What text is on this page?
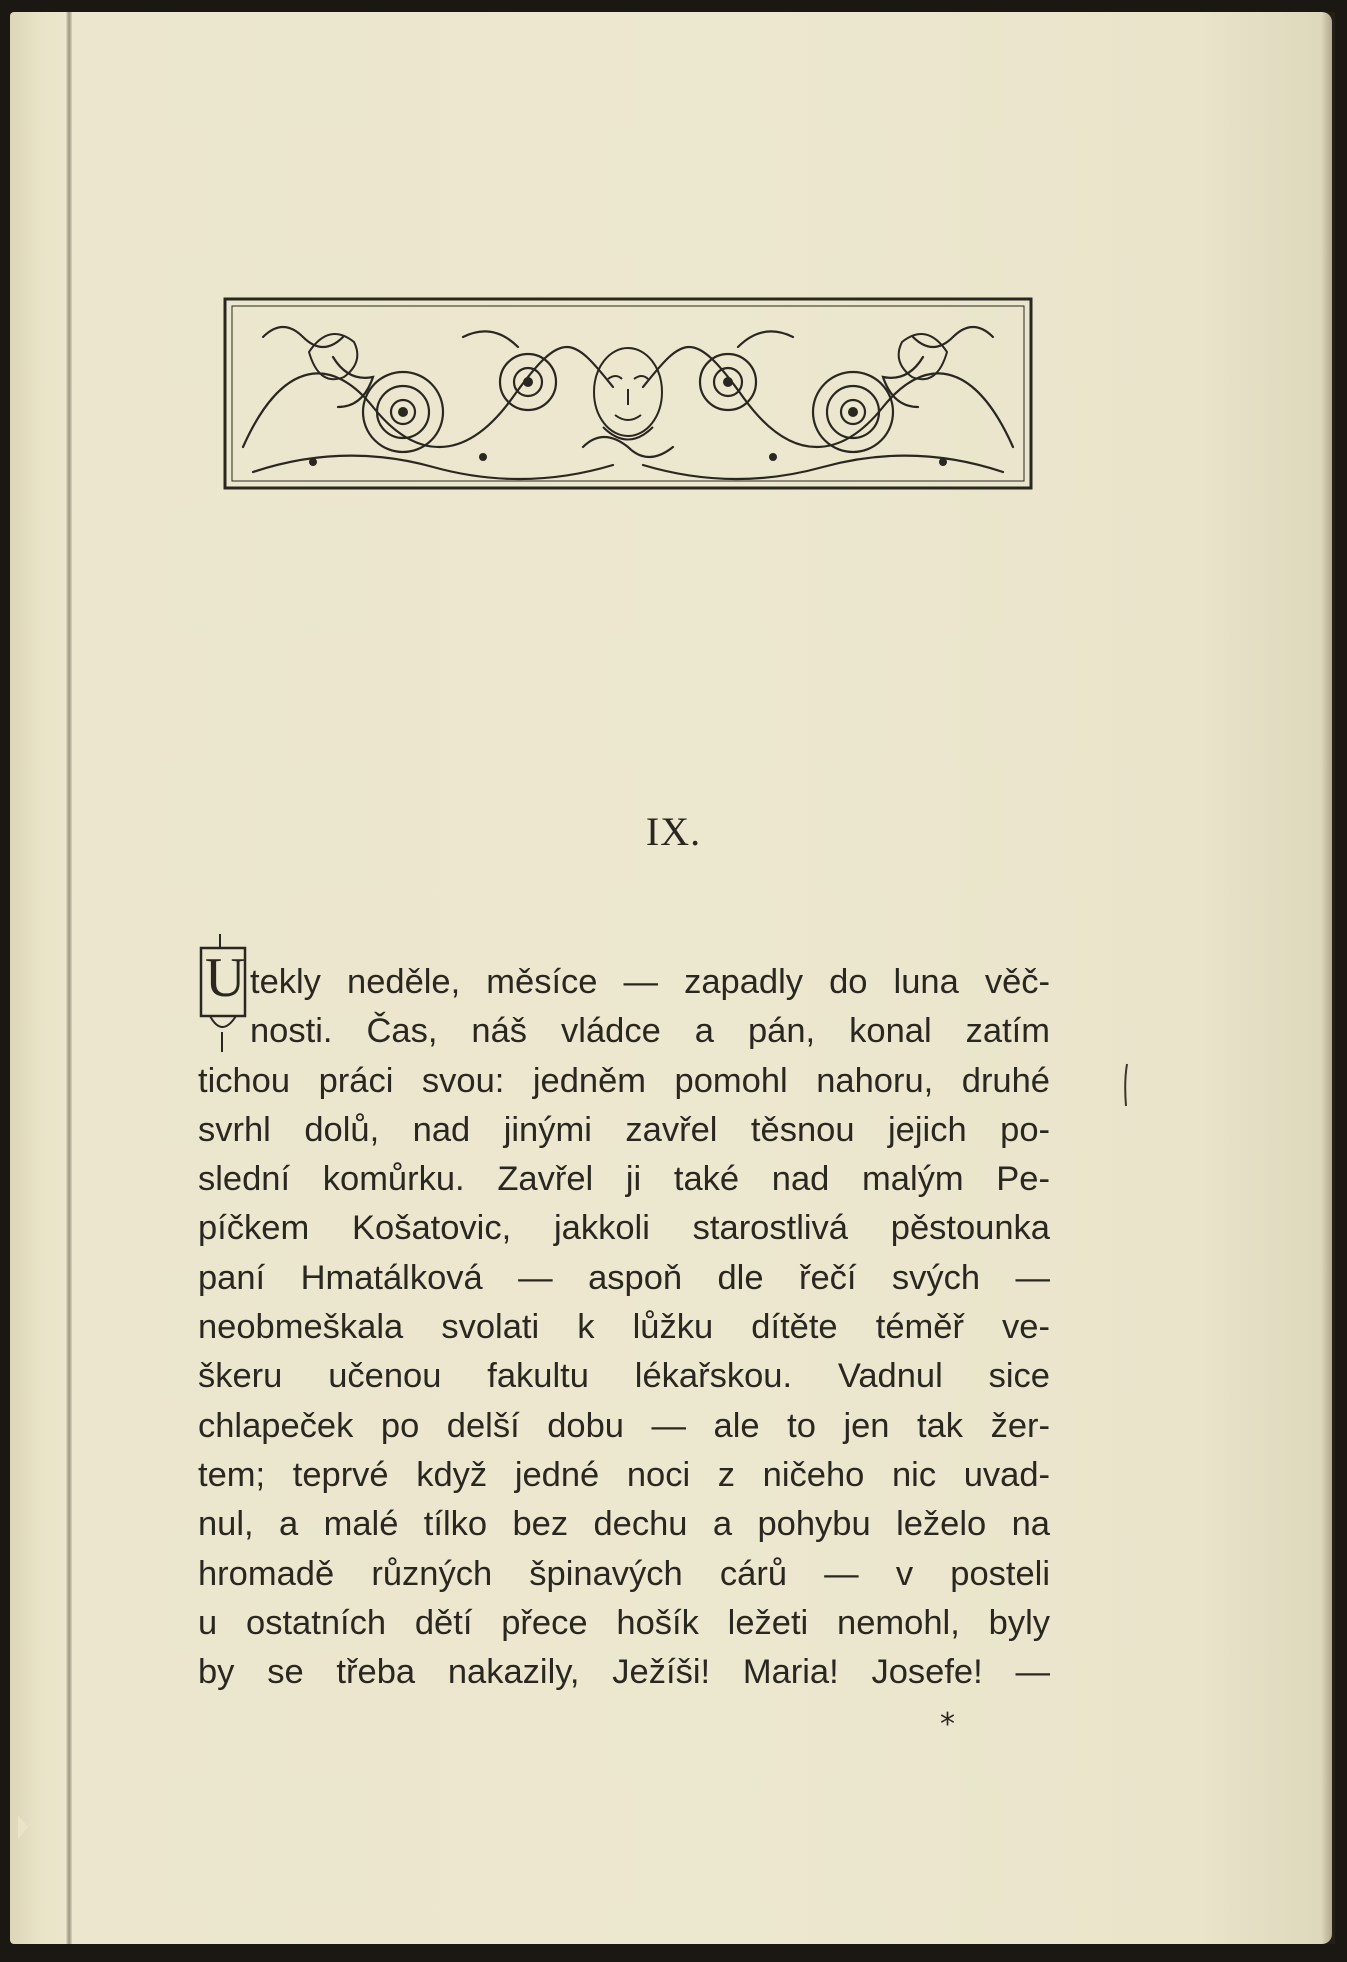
IX.
U tekly neděle, měsíce — zapadly do luna věč-
nosti. Čas, náš vládce a pán, konal zatím
tichou práci svou: jedněm pomohl nahoru, druhé
svrhl dolů, nad jinými zavřel těsnou jejich po-
slední komůrku. Zavřel ji také nad malým Pe-
píčkem Košatovic, jakkoli starostlivá pěstounka
paní Hmatálková — aspoň dle řečí svých —
neobmeškala svolati k lůžku dítěte téměř ve-
škeru učenou fakultu lékařskou. Vadnul sice
chlapeček po delší dobu — ale to jen tak žer-
tem; teprvé když jedné noci z ničeho nic uvad-
nul, a malé tílko bez dechu a pohybu leželo na
hromadě různých špinavých cárů — v posteli
u ostatních dětí přece hošík ležeti nemohl, byly
by se třeba nakazily, Ježíši! Maria! Josefe! —
*
